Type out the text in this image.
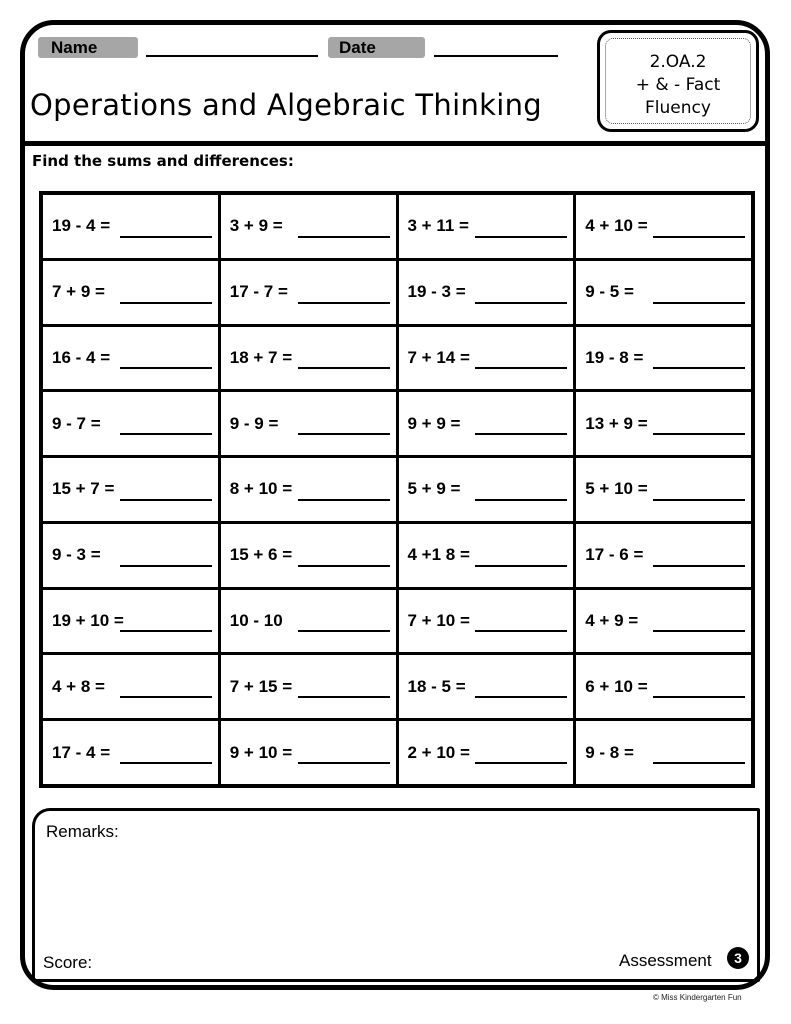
Name	Date
Operations and Algebraic Thinking
2.OA.2
+ & - Fact
Fluency
Find the sums and differences:
19 - 4 =	3 + 9 =	3 + 11 =	4 + 10 =
7 + 9 =	17 - 7 =	19 - 3 =	9 - 5 =
16 - 4 =	18 + 7 =	7 + 14 =	19 - 8 =
9 - 7 =	9 - 9 =	9 + 9 =	13 + 9 =
15 + 7 =	8 + 10 =	5 + 9 =	5 + 10 =
9 - 3 =	15 + 6 =	4 +1 8 =	17 - 6 =
19 + 10 =	10 - 10	7 + 10 =	4 + 9 =
4 + 8 =	7 + 15 =	18 - 5 =	6 + 10 =
17 - 4 =	9 + 10 =	2 + 10 =	9 - 8 =
Remarks:
Score:	Assessment	3
© Miss Kindergarten Fun
